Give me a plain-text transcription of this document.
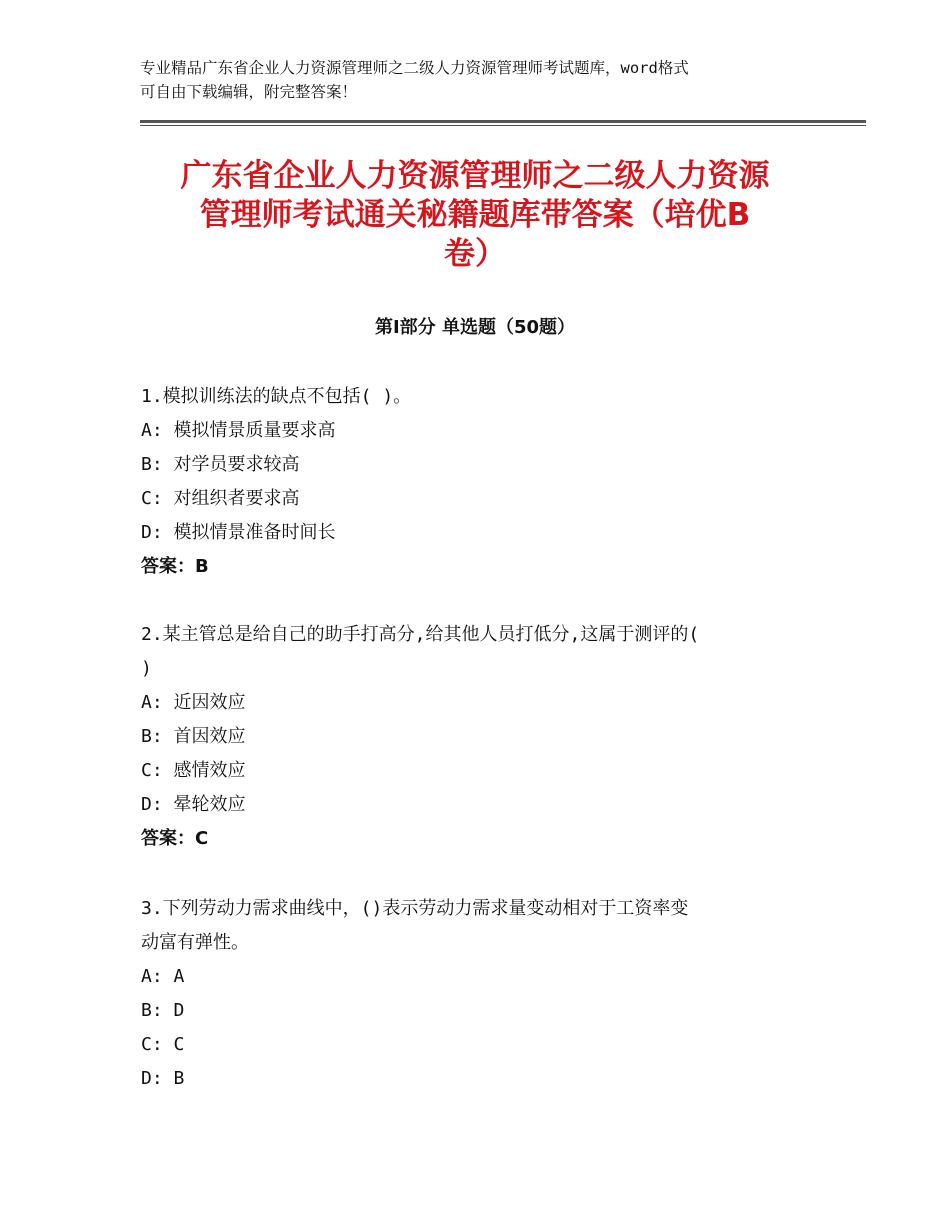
专业精品广东省企业人力资源管理师之二级人力资源管理师考试题库，word格式
可自由下载编辑，附完整答案！
广东省企业人力资源管理师之二级人力资源
管理师考试通关秘籍题库带答案（培优B
卷）
第Ⅰ部分 单选题（50题）
1.模拟训练法的缺点不包括( )。
A: 模拟情景质量要求高
B: 对学员要求较高
C: 对组织者要求高
D: 模拟情景准备时间长
答案：B
2.某主管总是给自己的助手打高分,给其他人员打低分,这属于测评的(
)
A: 近因效应
B: 首因效应
C: 感情效应
D: 晕轮效应
答案：C
3.下列劳动力需求曲线中，()表示劳动力需求量变动相对于工资率变
动富有弹性。
A: A
B: D
C: C
D: B
